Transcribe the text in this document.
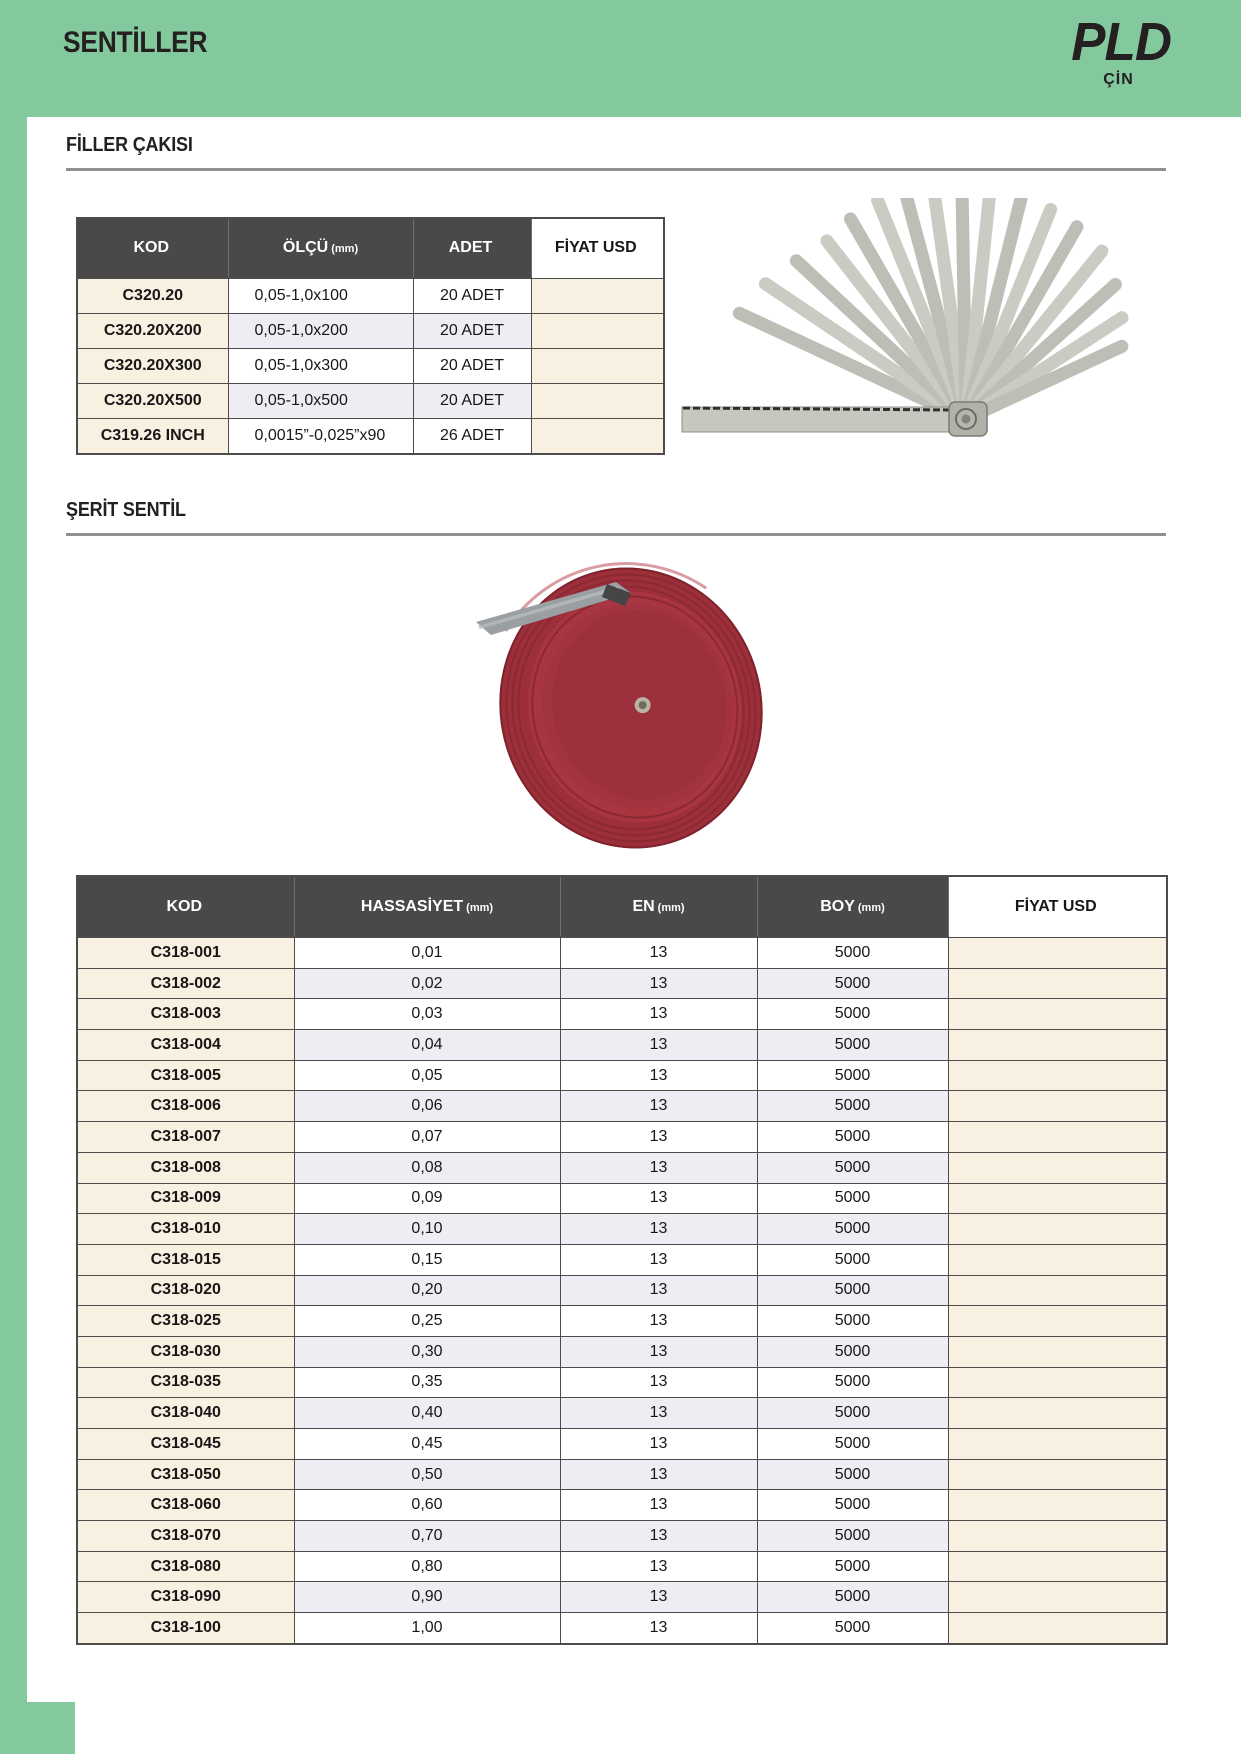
SENTİLLER	PLD
ÇİN
FİLLER ÇAKISI
KOD	ÖLÇÜ (mm)	ADET	FİYAT USD
C320.20	0,05-1,0x100	20 ADET	
C320.20X200	0,05-1,0x200	20 ADET	
C320.20X300	0,05-1,0x300	20 ADET	
C320.20X500	0,05-1,0x500	20 ADET	
C319.26 INCH	0,0015”-0,025”x90	26 ADET	
ŞERİT SENTİL
KOD	HASSASİYET (mm)	EN (mm)	BOY (mm)	FİYAT USD
C318-001	0,01	13	5000	
C318-002	0,02	13	5000	
C318-003	0,03	13	5000	
C318-004	0,04	13	5000	
C318-005	0,05	13	5000	
C318-006	0,06	13	5000	
C318-007	0,07	13	5000	
C318-008	0,08	13	5000	
C318-009	0,09	13	5000	
C318-010	0,10	13	5000	
C318-015	0,15	13	5000	
C318-020	0,20	13	5000	
C318-025	0,25	13	5000	
C318-030	0,30	13	5000	
C318-035	0,35	13	5000	
C318-040	0,40	13	5000	
C318-045	0,45	13	5000	
C318-050	0,50	13	5000	
C318-060	0,60	13	5000	
C318-070	0,70	13	5000	
C318-080	0,80	13	5000	
C318-090	0,90	13	5000	
C318-100	1,00	13	5000	
